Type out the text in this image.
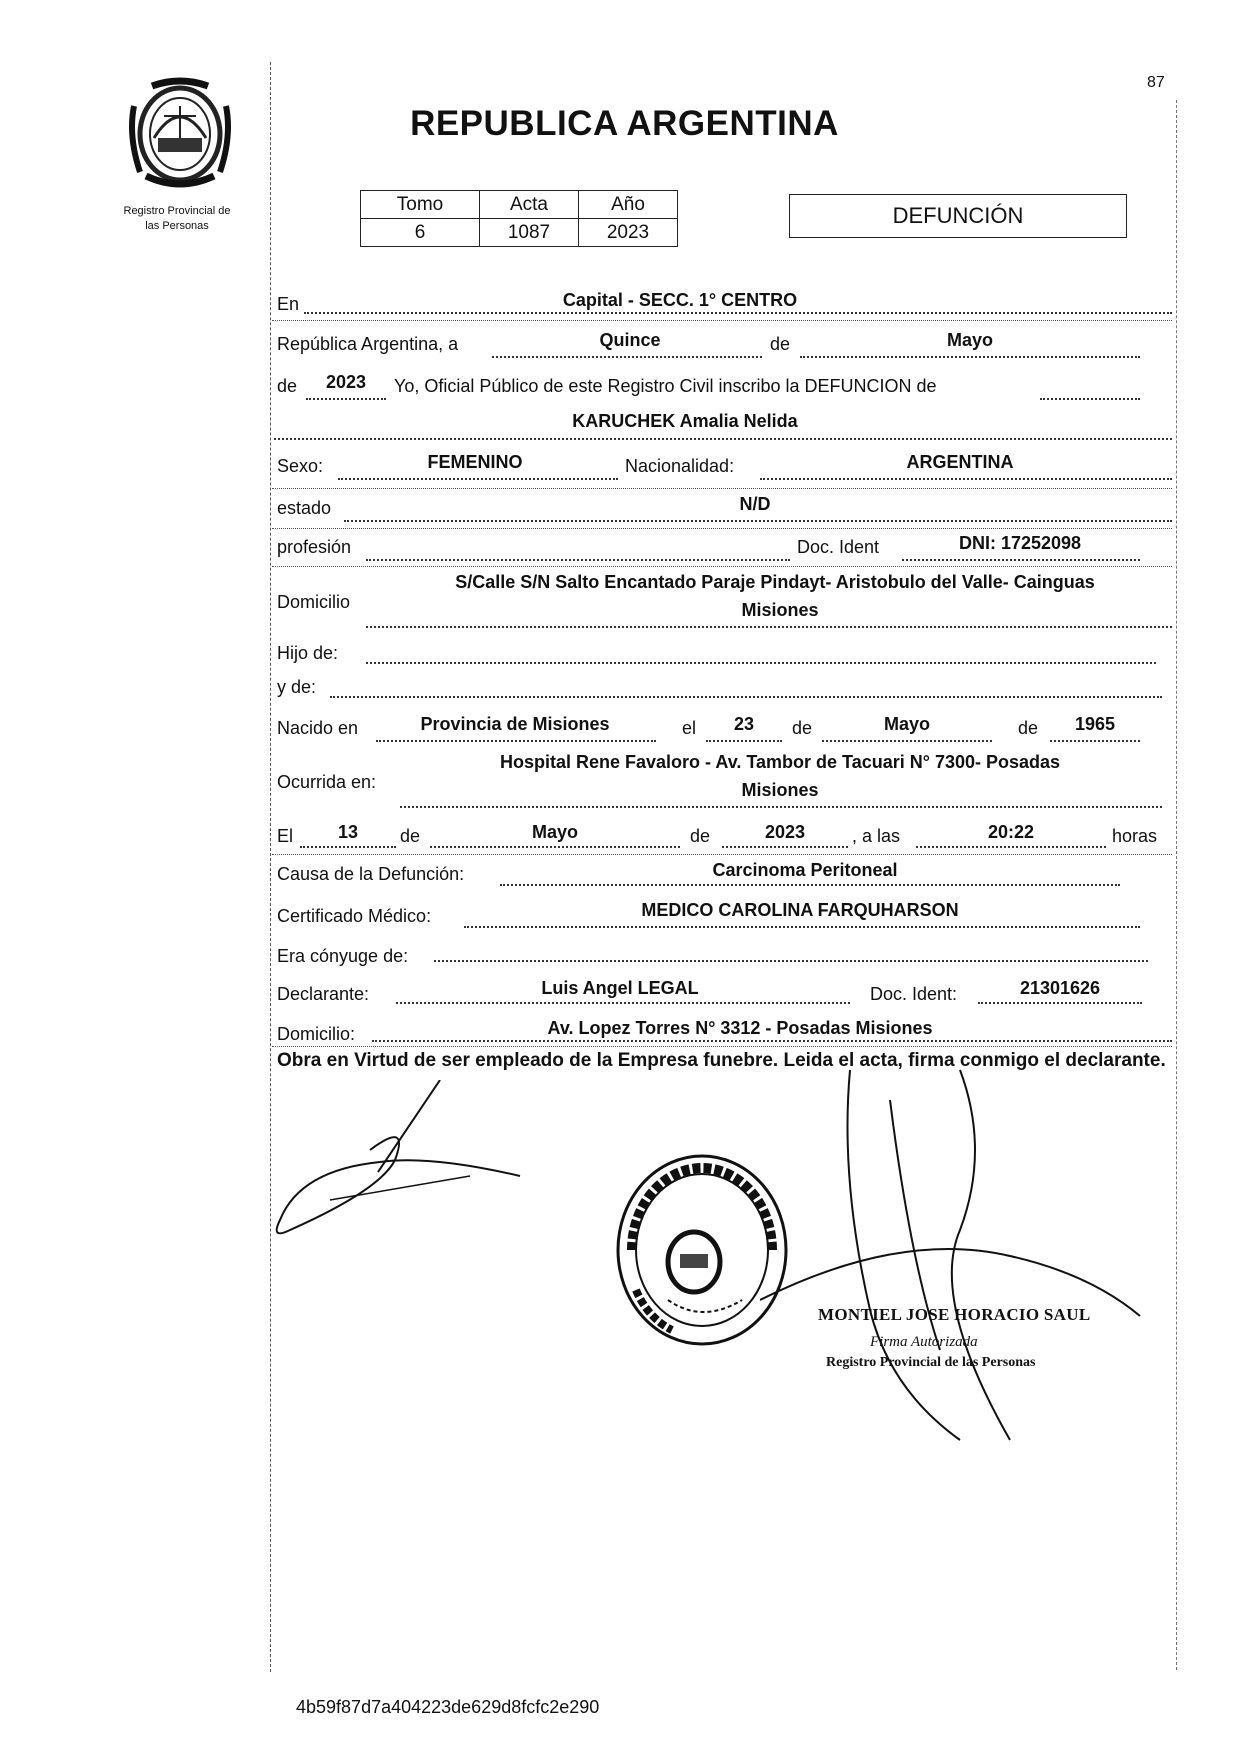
87
Registro Provincial de
las Personas
REPUBLICA ARGENTINA
Tomo	Acta	Año
6	1087	2023
DEFUNCIÓN
En	Capital - SECC. 1° CENTRO
República Argentina, a	Quince	de	Mayo
de	2023	Yo, Oficial Público de este Registro Civil inscribo la DEFUNCION de
KARUCHEK Amalia Nelida
Sexo:	FEMENINO	Nacionalidad:	ARGENTINA
estado	N/D
profesión	Doc. Ident	DNI: 17252098
Domicilio
S/Calle S/N Salto Encantado Paraje Pindayt- Aristobulo del Valle- Cainguas
Misiones
Hijo de:
y de:
Nacido en	Provincia de Misiones	el	23	de	Mayo	de	1965
Ocurrida en:
Hospital Rene Favaloro - Av. Tambor de Tacuari N° 7300- Posadas
Misiones
El	13	de	Mayo	de	2023	, a las	20:22	horas
Causa de la Defunción:	Carcinoma Peritoneal
Certificado Médico:	MEDICO CAROLINA FARQUHARSON
Era cónyuge de:
Declarante:	Luis Angel LEGAL	Doc. Ident:	21301626
Domicilio:	Av. Lopez Torres N° 3312 - Posadas Misiones
Obra en Virtud de ser empleado de la Empresa funebre. Leida el acta, firma conmigo el declarante.
MONTIEL JOSE HORACIO SAUL
Firma Autorizada
Registro Provincial de las Personas
4b59f87d7a404223de629d8fcfc2e290
